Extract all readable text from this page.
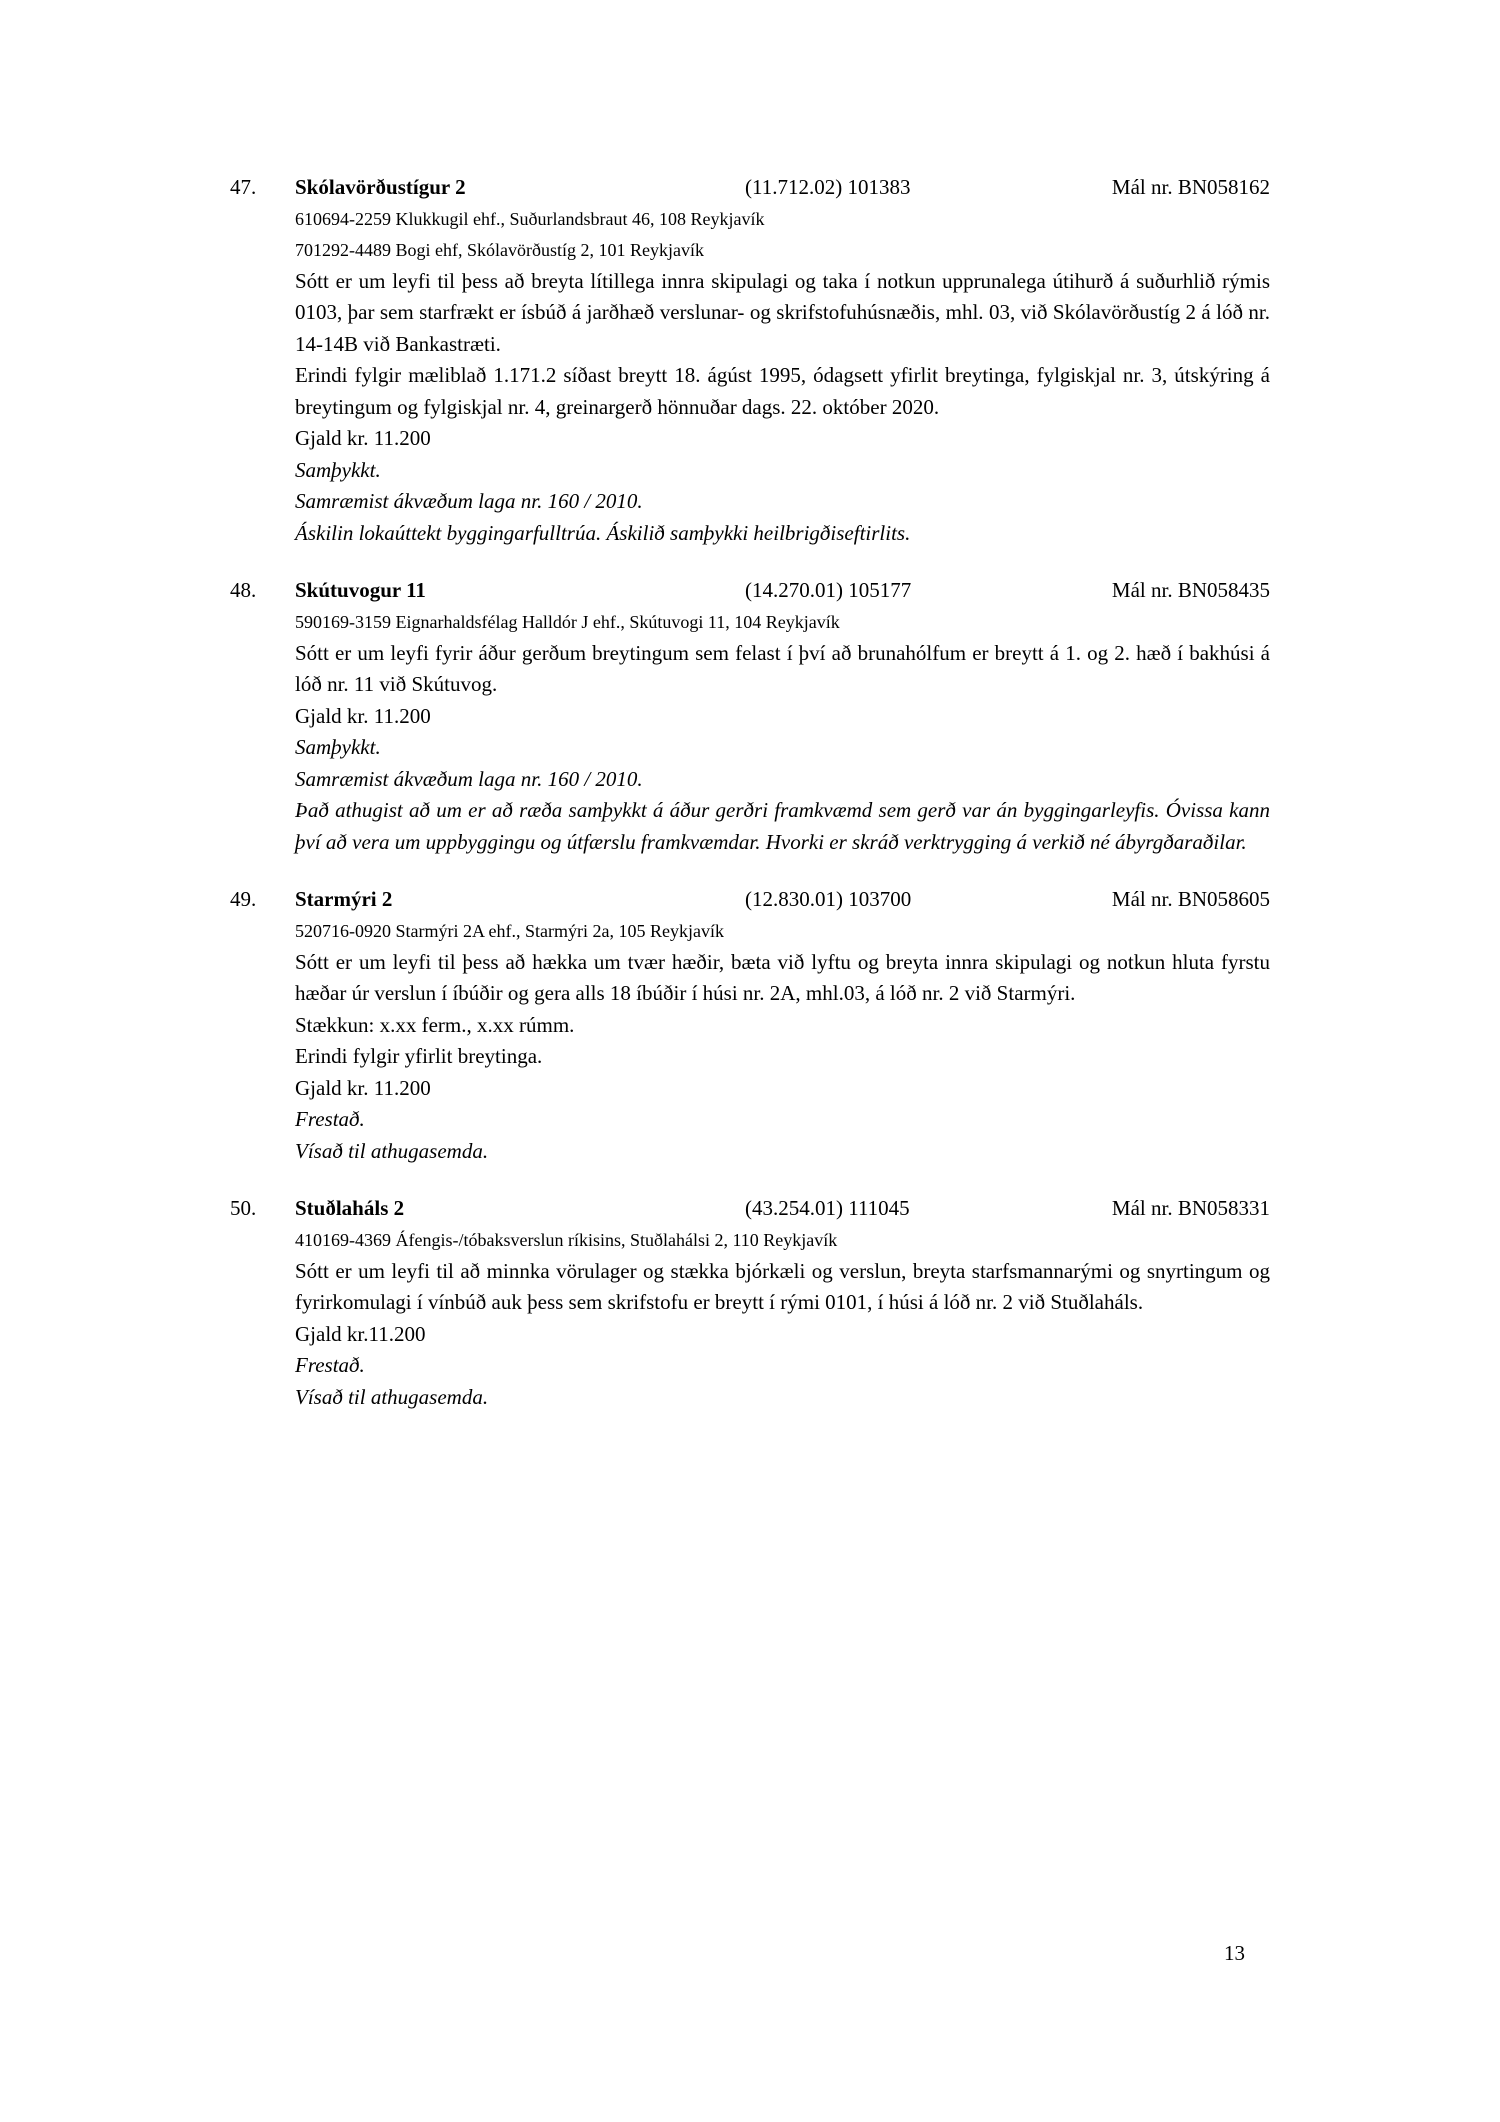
47.	Skólavörðustígur 2	(11.712.02) 101383	Mál nr. BN058162

610694-2259 Klukkugil ehf., Suðurlandsbraut 46, 108 Reykjavík

701292-4489 Bogi ehf, Skólavörðustíg 2, 101 Reykjavík

Sótt er um leyfi til þess að breyta lítillega innra skipulagi og taka í notkun upprunalega útihurð á suðurhlið rýmis 0103, þar sem starfrækt er ísbúð á jarðhæð verslunar- og skrifstofuhúsnæðis, mhl. 03, við Skólavörðustíg 2 á lóð nr. 14-14B við Bankastræti.

Erindi fylgir mæliblað 1.171.2 síðast breytt 18. ágúst 1995, ódagsett yfirlit breytinga, fylgiskjal nr. 3, útskýring á breytingum og fylgiskjal nr. 4, greinargerð hönnuðar dags. 22. október 2020.

Gjald kr. 11.200

Samþykkt.

Samræmist ákvæðum laga nr. 160 / 2010.

Áskilin lokaúttekt byggingarfulltrúa. Áskilið samþykki heilbrigðiseftirlits.

48.	Skútuvogur 11	(14.270.01) 105177	Mál nr. BN058435

590169-3159 Eignarhaldsfélag Halldór J ehf., Skútuvogi 11, 104 Reykjavík

Sótt er um leyfi fyrir áður gerðum breytingum sem felast í því að brunahólfum er breytt á 1. og 2. hæð í bakhúsi á lóð nr. 11 við Skútuvog.

Gjald kr. 11.200

Samþykkt.

Samræmist ákvæðum laga nr. 160 / 2010.

Það athugist að um er að ræða samþykkt á áður gerðri framkvæmd sem gerð var án byggingarleyfis. Óvissa kann því að vera um uppbyggingu og útfærslu framkvæmdar. Hvorki er skráð verktrygging á verkið né ábyrgðaraðilar.

49.	Starmýri 2	(12.830.01) 103700	Mál nr. BN058605

520716-0920 Starmýri 2A ehf., Starmýri 2a, 105 Reykjavík

Sótt er um leyfi til þess að hækka um tvær hæðir, bæta við lyftu og breyta innra skipulagi og notkun hluta fyrstu hæðar úr verslun í íbúðir og gera alls 18 íbúðir í húsi nr. 2A, mhl.03, á lóð nr. 2 við Starmýri.

Stækkun: x.xx ferm., x.xx rúmm.

Erindi fylgir yfirlit breytinga.

Gjald kr. 11.200

Frestað.

Vísað til athugasemda.

50.	Stuðlaháls 2	(43.254.01) 111045	Mál nr. BN058331

410169-4369 Áfengis-/tóbaksverslun ríkisins, Stuðlahálsi 2, 110 Reykjavík

Sótt er um leyfi til að minnka vörulager og stækka bjórkæli og verslun, breyta starfsmannarými og snyrtingum og fyrirkomulagi í vínbúð auk þess sem skrifstofu er breytt í rými 0101, í húsi á lóð nr. 2 við Stuðlaháls.

Gjald kr.11.200

Frestað.

Vísað til athugasemda.

13
